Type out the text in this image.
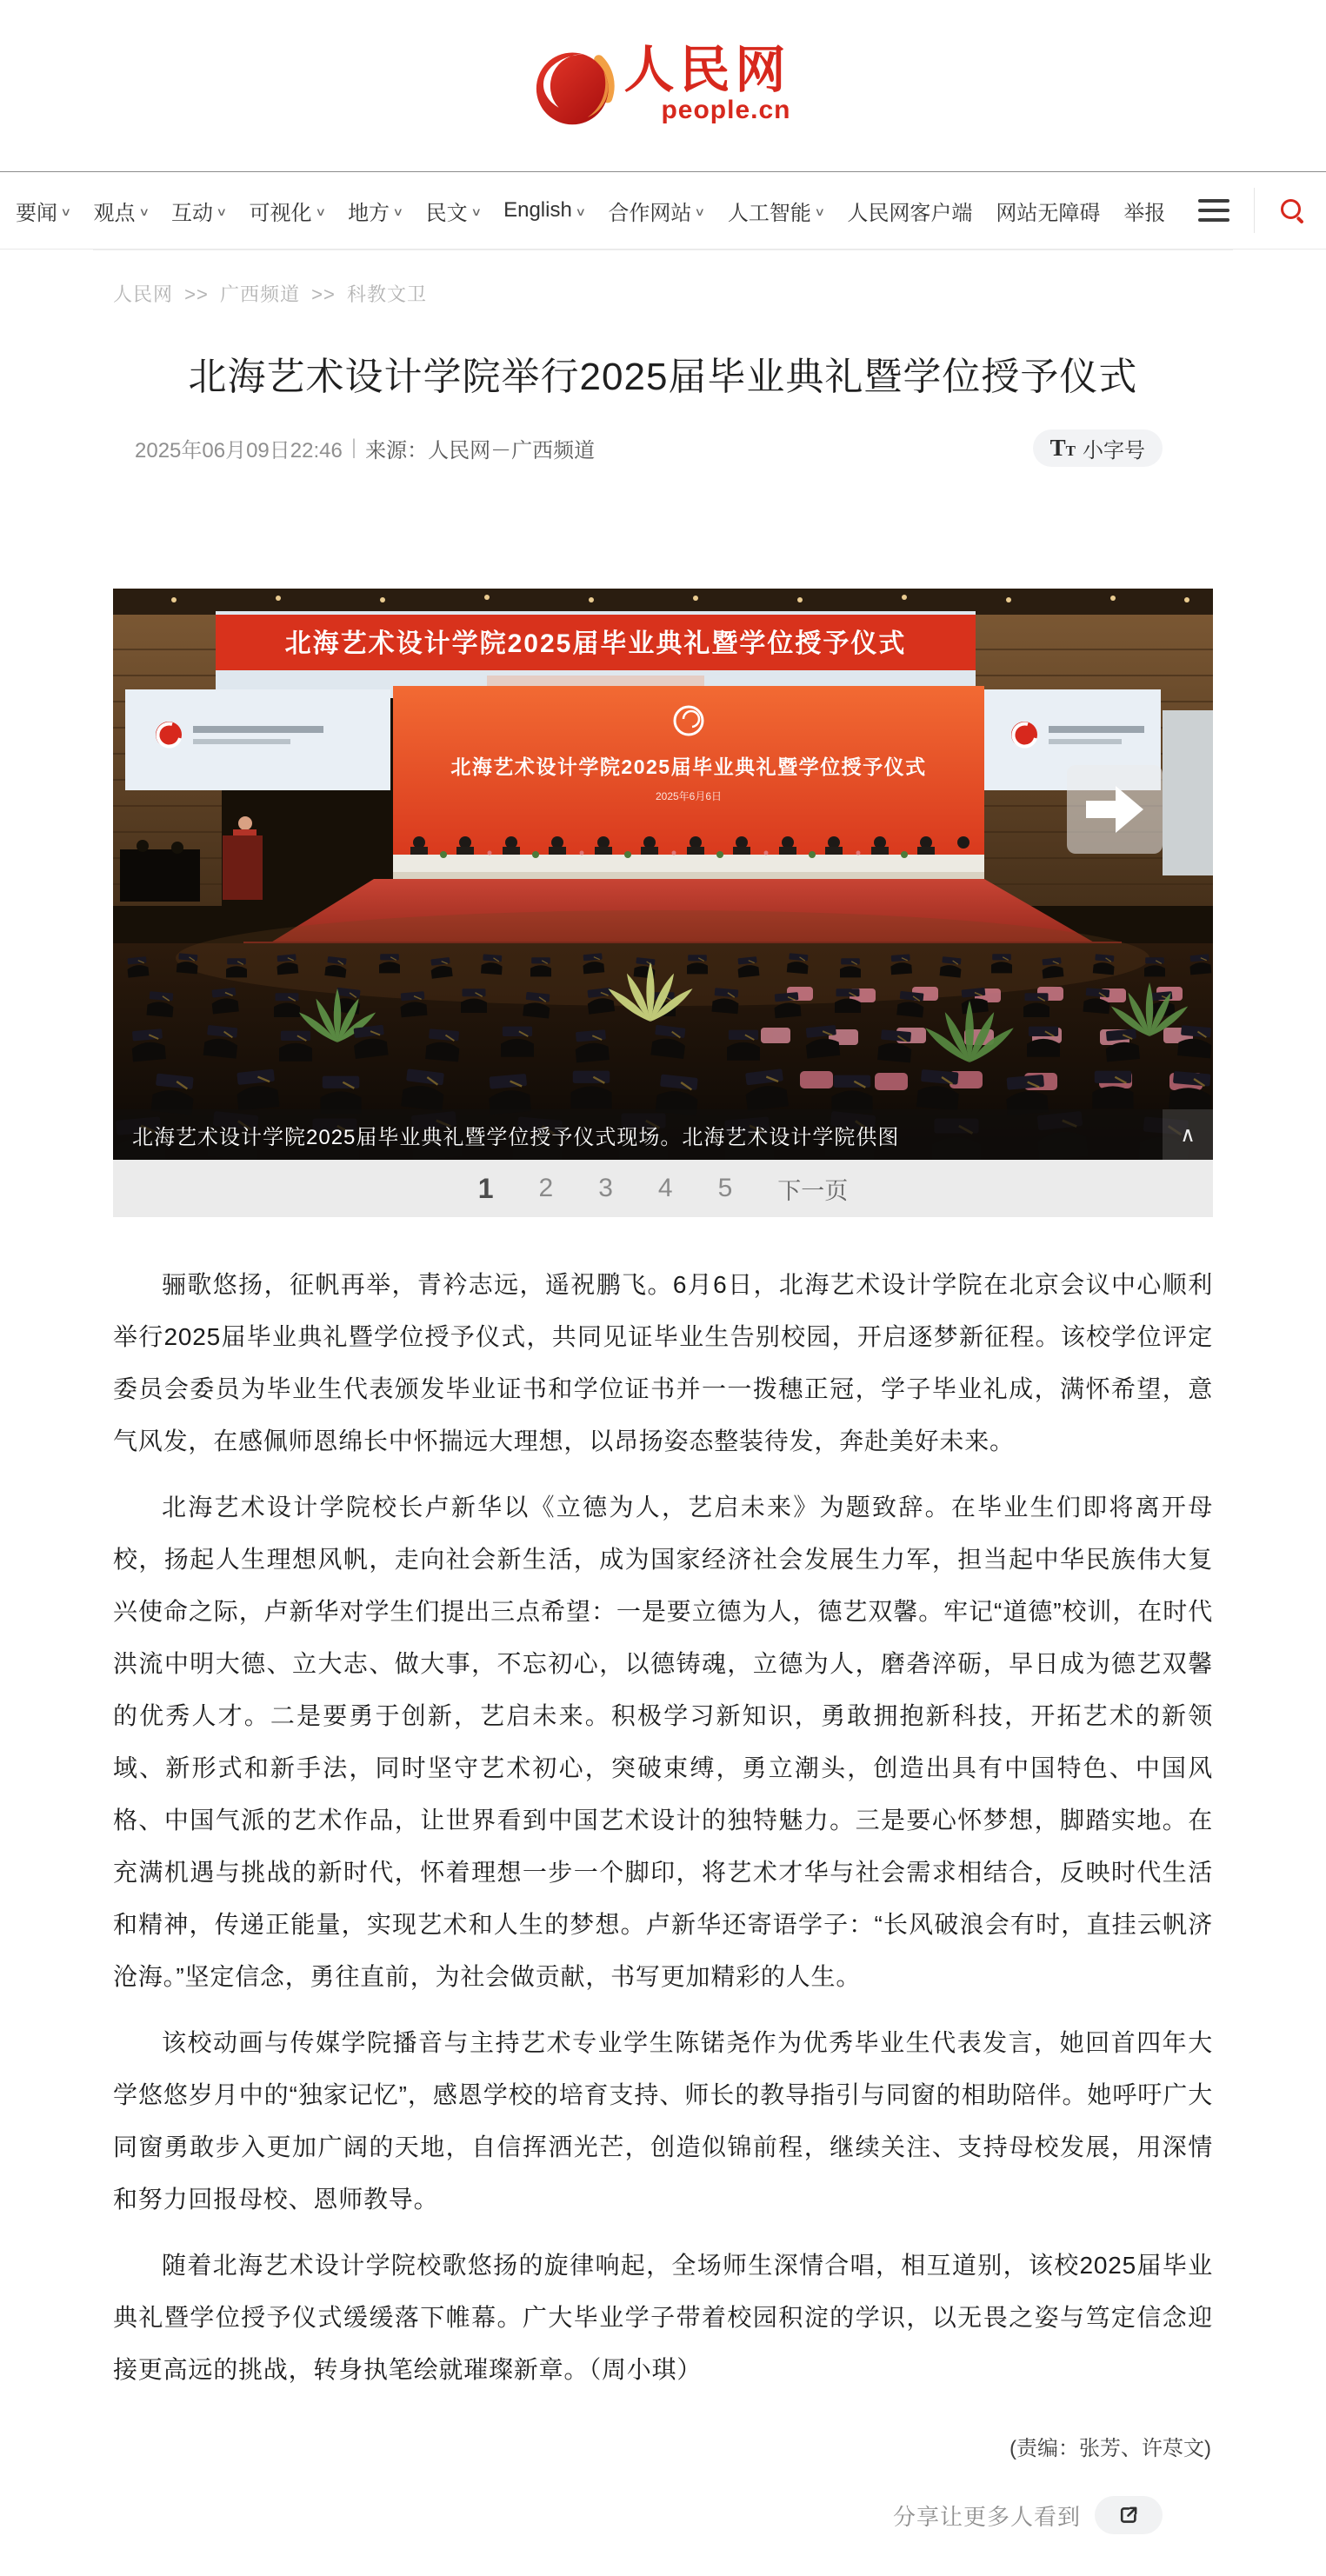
人民网
people.cn
要闻 ∨ 观点 ∨ 互动 ∨ 可视化 ∨ 地方 ∨ 民文 ∨ English ∨ 合作网站 ∨ 人工智能 ∨ 人民网客户端 网站无障碍 举报
人民网 >> 广西频道 >> 科教文卫
北海艺术设计学院举行2025届毕业典礼暨学位授予仪式
2025年06月09日22:46 | 来源：人民网－广西频道	TT 小字号
北海艺术设计学院2025届毕业典礼暨学位授予仪式
北海艺术设计学院2025届毕业典礼暨学位授予仪式
2025年6月6日
北海艺术设计学院2025届毕业典礼暨学位授予仪式现场。北海艺术设计学院供图	∧
1 2 3 4 5 下一页

骊歌悠扬，征帆再举，青衿志远，遥祝鹏飞。6月6日，北海艺术设计学院在北京会议中心顺利举行2025届毕业典礼暨学位授予仪式，共同见证毕业生告别校园，开启逐梦新征程。该校学位评定委员会委员为毕业生代表颁发毕业证书和学位证书并一一拨穗正冠，学子毕业礼成，满怀希望，意气风发，在感佩师恩绵长中怀揣远大理想，以昂扬姿态整装待发，奔赴美好未来。

北海艺术设计学院校长卢新华以《立德为人，艺启未来》为题致辞。在毕业生们即将离开母校，扬起人生理想风帆，走向社会新生活，成为国家经济社会发展生力军，担当起中华民族伟大复兴使命之际，卢新华对学生们提出三点希望：一是要立德为人，德艺双馨。牢记“道德”校训，在时代洪流中明大德、立大志、做大事，不忘初心，以德铸魂，立德为人，磨砻淬砺，早日成为德艺双馨的优秀人才。二是要勇于创新，艺启未来。积极学习新知识，勇敢拥抱新科技，开拓艺术的新领域、新形式和新手法，同时坚守艺术初心，突破束缚，勇立潮头，创造出具有中国特色、中国风格、中国气派的艺术作品，让世界看到中国艺术设计的独特魅力。三是要心怀梦想，脚踏实地。在充满机遇与挑战的新时代，怀着理想一步一个脚印，将艺术才华与社会需求相结合，反映时代生活和精神，传递正能量，实现艺术和人生的梦想。卢新华还寄语学子：“长风破浪会有时，直挂云帆济沧海。”坚定信念，勇往直前，为社会做贡献，书写更加精彩的人生。

该校动画与传媒学院播音与主持艺术专业学生陈锘尧作为优秀毕业生代表发言，她回首四年大学悠悠岁月中的“独家记忆”，感恩学校的培育支持、师长的教导指引与同窗的相助陪伴。她呼吁广大同窗勇敢步入更加广阔的天地，自信挥洒光芒，创造似锦前程，继续关注、支持母校发展，用深情和努力回报母校、恩师教导。

随着北海艺术设计学院校歌悠扬的旋律响起，全场师生深情合唱，相互道别，该校2025届毕业典礼暨学位授予仪式缓缓落下帷幕。广大毕业学子带着校园积淀的学识，以无畏之姿与笃定信念迎接更高远的挑战，转身执笔绘就璀璨新章。（周小琪）

(责编：张芳、许荩文)
分享让更多人看到
